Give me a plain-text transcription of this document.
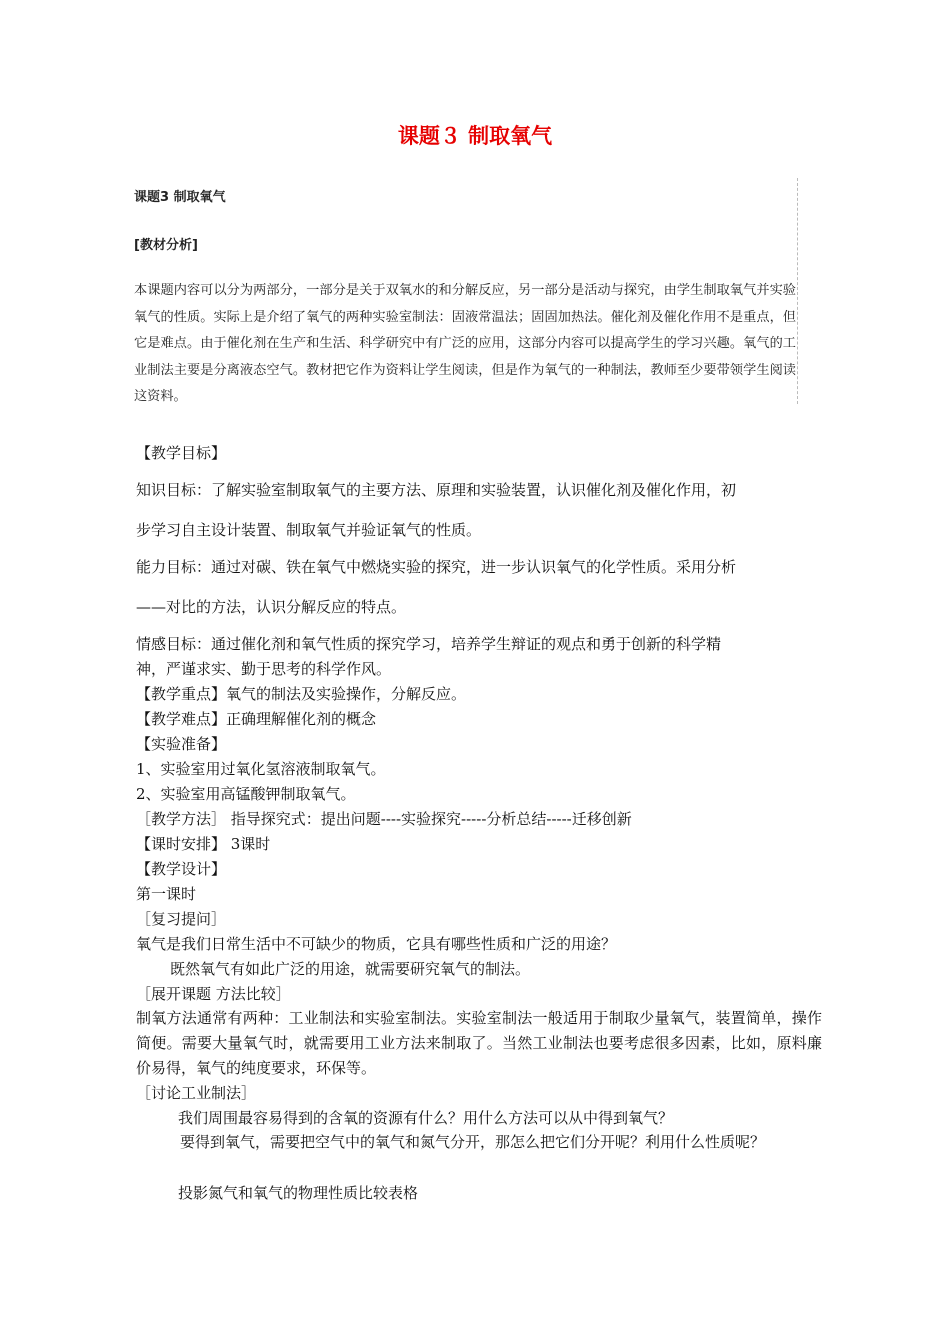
课题３ 制取氧气
课题3 制取氧气
[教材分析]
本课题内容可以分为两部分，一部分是关于双氧水的和分解反应，另一部分是活动与探究，由学生制取氧气并实验氧气的性质。实际上是介绍了氧气的两种实验室制法：固液常温法；固固加热法。催化剂及催化作用不是重点，但它是难点。由于催化剂在生产和生活、科学研究中有广泛的应用，这部分内容可以提高学生的学习兴趣。氧气的工业制法主要是分离液态空气。教材把它作为资料让学生阅读，但是作为氧气的一种制法，教师至少要带领学生阅读这资料。
【教学目标】
知识目标：了解实验室制取氧气的主要方法、原理和实验装置，认识催化剂及催化作用，初
步学习自主设计装置、制取氧气并验证氧气的性质。
能力目标：通过对碳、铁在氧气中燃烧实验的探究，进一步认识氧气的化学性质。采用分析
——对比的方法，认识分解反应的特点。
情感目标：通过催化剂和氧气性质的探究学习，培养学生辩证的观点和勇于创新的科学精
神，严谨求实、勤于思考的科学作风。
【教学重点】氧气的制法及实验操作，分解反应。
【教学难点】正确理解催化剂的概念
【实验准备】
1、实验室用过氧化氢溶液制取氧气。
2、实验室用高锰酸钾制取氧气。
［教学方法］ 指导探究式：提出问题----实验探究-----分析总结-----迁移创新
【课时安排】 3课时
【教学设计】
第一课时
［复习提问］
氧气是我们日常生活中不可缺少的物质，它具有哪些性质和广泛的用途？
既然氧气有如此广泛的用途，就需要研究氧气的制法。
［展开课题 方法比较］
制氧方法通常有两种：工业制法和实验室制法。实验室制法一般适用于制取少量氧气，装置简单，操作简便。需要大量氧气时，就需要用工业方法来制取了。当然工业制法也要考虑很多因素，比如，原料廉价易得，氧气的纯度要求，环保等。
［讨论工业制法］
我们周围最容易得到的含氧的资源有什么？用什么方法可以从中得到氧气？
要得到氧气，需要把空气中的氧气和氮气分开，那怎么把它们分开呢？利用什么性质呢？
投影氮气和氧气的物理性质比较表格
